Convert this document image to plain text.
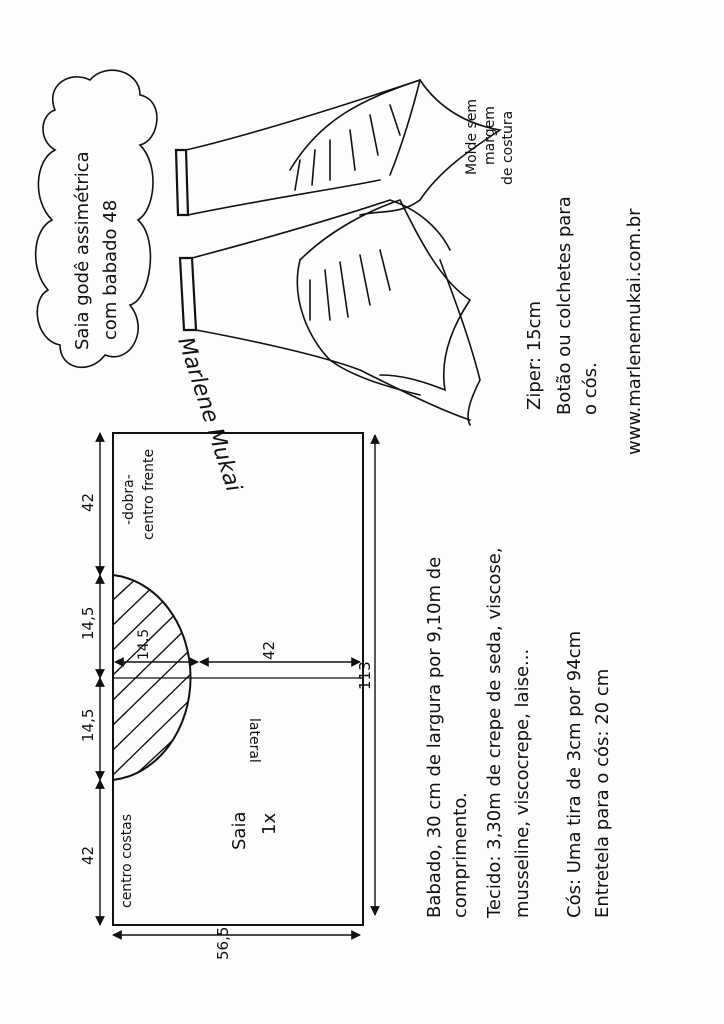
Saia godê assimétrica com babado 48
Marlene Mukai
Molde sem margem de costura
Ziper: 15cm Botão ou colchetes para o cós. www.marlenemukai.com.br
42
14,5
14,5
42
56,5
113
42
14,5
centro costas
-dobra- centro frente
lateral
Saia 1x	Babado, 30 cm de largura por 9,10m de comprimento. Tecido: 3,30m de crepe de seda, viscose, musseline, viscocrepe, laise... Cós: Uma tira de 3cm por 94cm Entretela para o cós: 20 cm
